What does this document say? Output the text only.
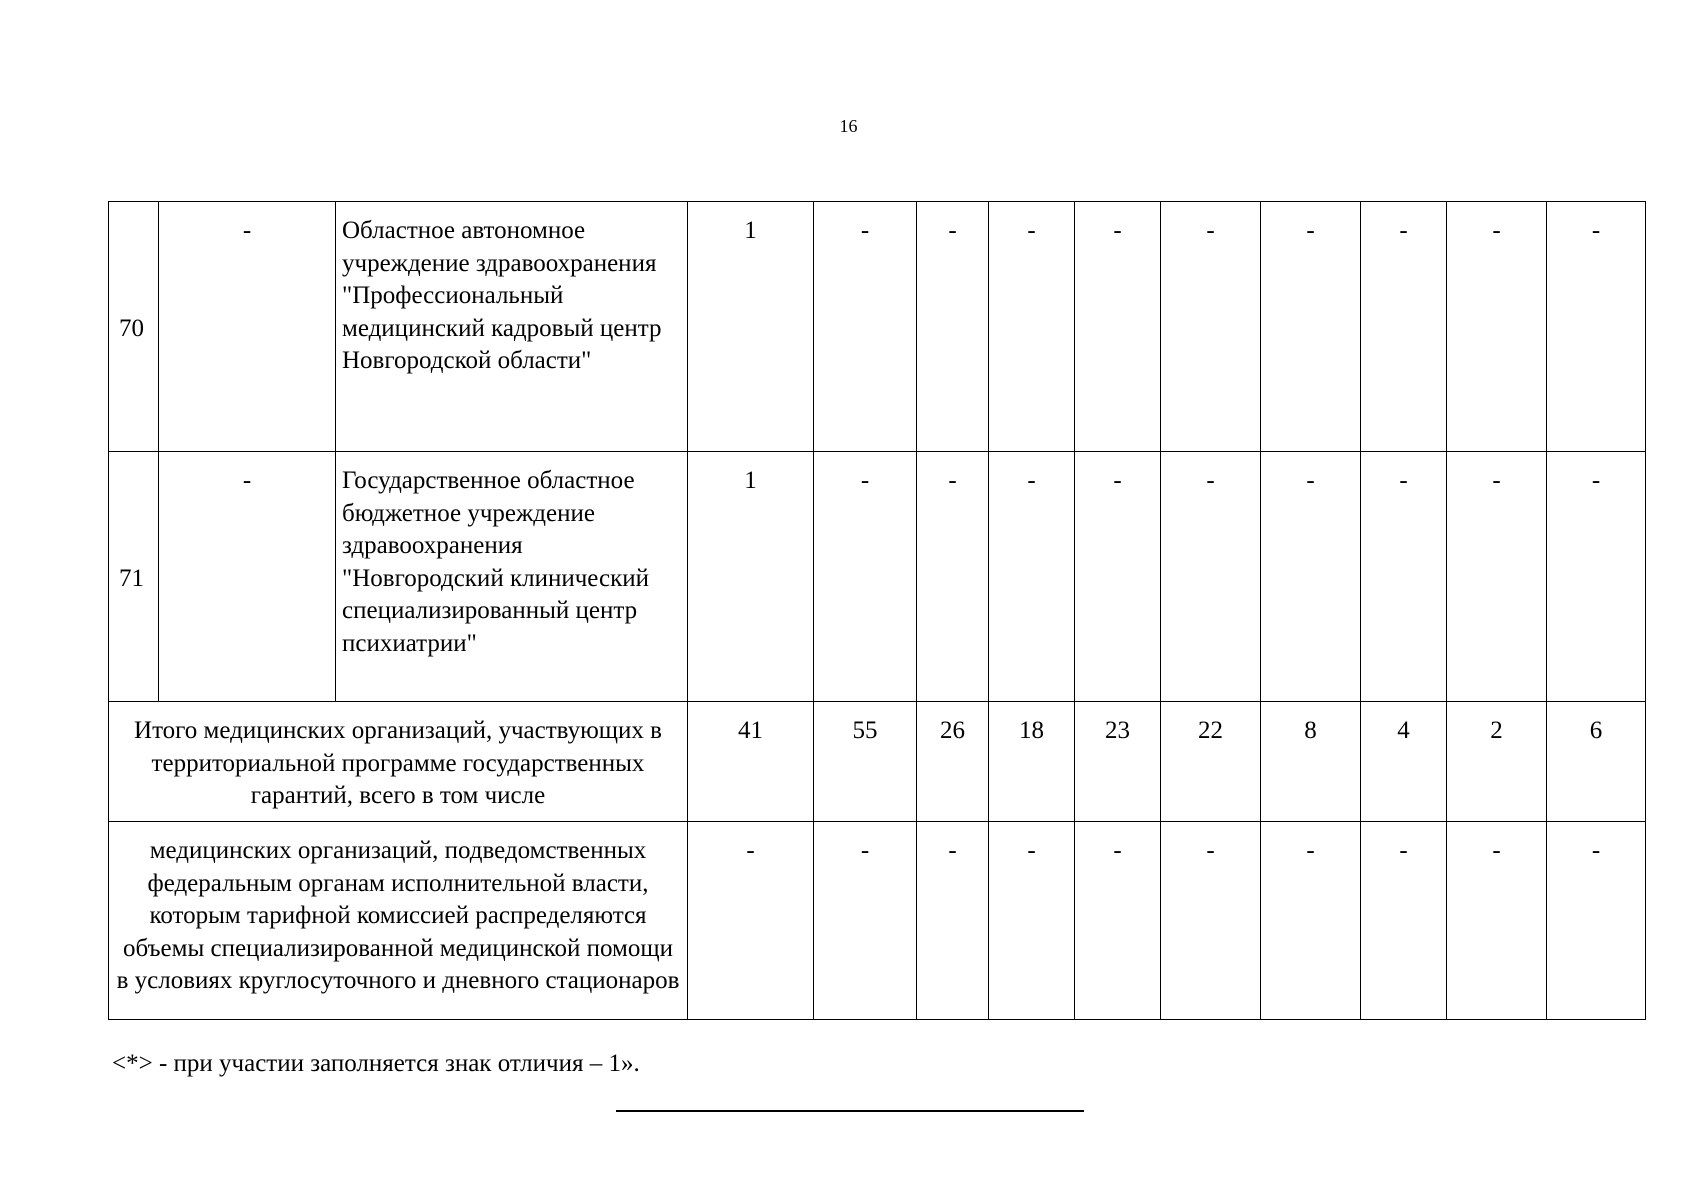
16
70	-	Областное автономное учреждение здравоохранения "Профессиональный медицинский кадровый центр Новгородской области"	1	-	-	-	-	-	-	-	-	-
71	-	Государственное областное бюджетное учреждение здравоохранения "Новгородский клинический специализированный центр психиатрии"	1	-	-	-	-	-	-	-	-	-
Итого медицинских организаций, участвующих в территориальной программе государственных гарантий, всего в том числе			41	55	26	18	23	22	8	4	2	6
медицинских организаций, подведомственных федеральным органам исполнительной власти, которым тарифной комиссией распределяются объемы специализированной медицинской помощи в условиях круглосуточного и дневного стационаров			-	-	-	-	-	-	-	-	-	-
<*> - при участии заполняется знак отличия – 1».
